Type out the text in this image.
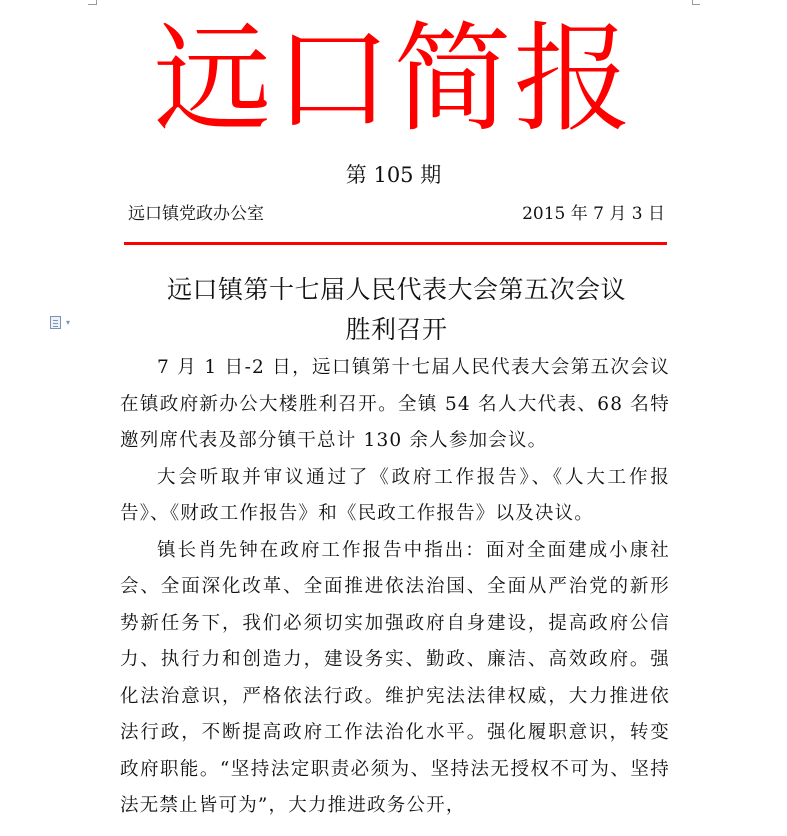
远口简报
第 105 期
远口镇党政办公室	2015 年 7 月 3 日
远口镇第十七届人民代表大会第五次会议
胜利召开
▾

7 月 1 日-2 日，远口镇第十七届人民代表大会第五次会议在镇政府新办公大楼胜利召开。全镇 54 名人大代表、68 名特邀列席代表及部分镇干总计 130 余人参加会议。

大会听取并审议通过了《政府工作报告》、《人大工作报告》、《财政工作报告》和《民政工作报告》以及决议。

镇长肖先钟在政府工作报告中指出：面对全面建成小康社会、全面深化改革、全面推进依法治国、全面从严治党的新形势新任务下，我们必须切实加强政府自身建设，提高政府公信力、执行力和创造力，建设务实、勤政、廉洁、高效政府。强化法治意识，严格依法行政。维护宪法法律权威，大力推进依法行政，不断提高政府工作法治化水平。强化履职意识，转变政府职能。“坚持法定职责必须为、坚持法无授权不可为、坚持法无禁止皆可为”，大力推进政务公开，
